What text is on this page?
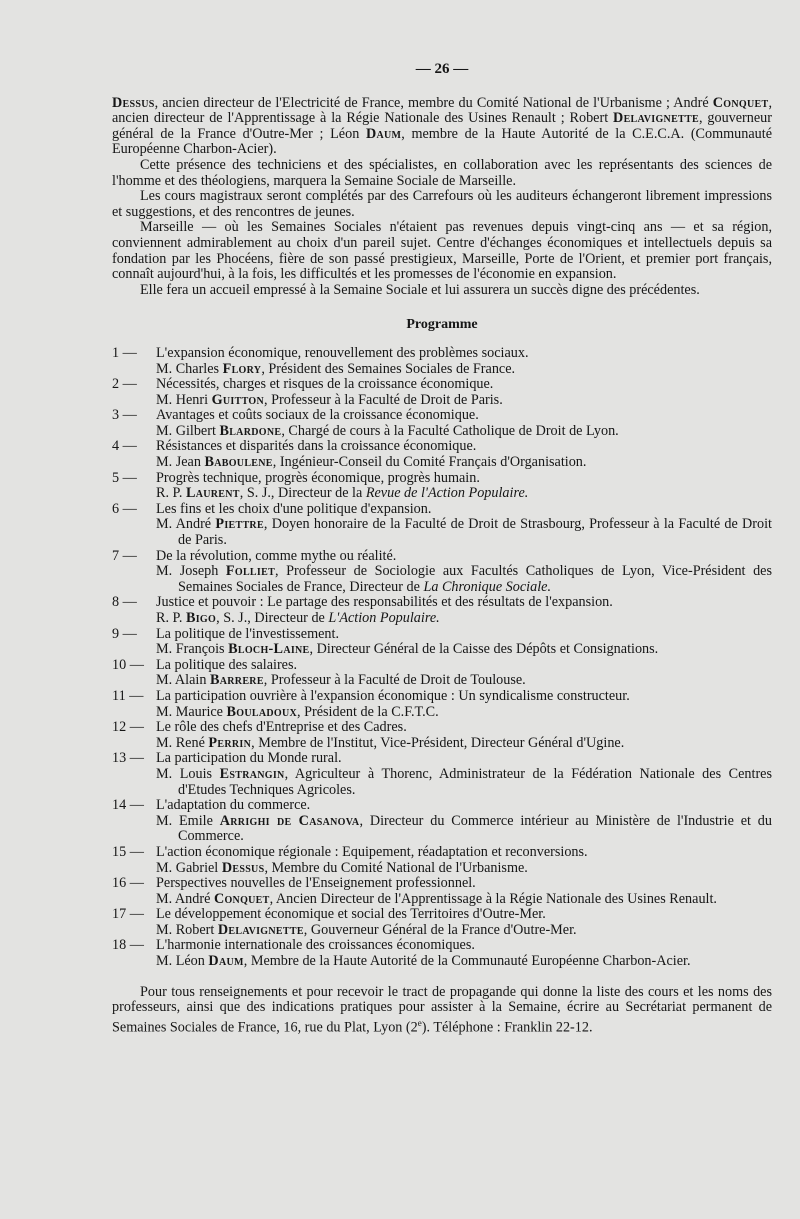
— 26 —

Dessus, ancien directeur de l'Electricité de France, membre du Comité National de l'Urbanisme ; André Conquet, ancien directeur de l'Apprentissage à la Régie Nationale des Usines Renault ; Robert Delavignette, gouverneur général de la France d'Outre-Mer ; Léon Daum, membre de la Haute Autorité de la C.E.C.A. (Communauté Européenne Charbon-Acier).

Cette présence des techniciens et des spécialistes, en collaboration avec les représentants des sciences de l'homme et des théologiens, marquera la Semaine Sociale de Marseille.

Les cours magistraux seront complétés par des Carrefours où les auditeurs échangeront librement impressions et suggestions, et des rencontres de jeunes.

Marseille — où les Semaines Sociales n'étaient pas revenues depuis vingt-cinq ans — et sa région, conviennent admirablement au choix d'un pareil sujet. Centre d'échanges économiques et intellectuels depuis sa fondation par les Phocéens, fière de son passé prestigieux, Marseille, Porte de l'Orient, et premier port français, connaît aujourd'hui, à la fois, les difficultés et les promesses de l'économie en expansion.

Elle fera un accueil empressé à la Semaine Sociale et lui assurera un succès digne des précédentes.

Programme
1 —	L'expansion économique, renouvellement des problèmes sociaux.
M. Charles Flory, Président des Semaines Sociales de France.
2 —	Nécessités, charges et risques de la croissance économique.
M. Henri Guitton, Professeur à la Faculté de Droit de Paris.
3 —	Avantages et coûts sociaux de la croissance économique.
M. Gilbert Blardone, Chargé de cours à la Faculté Catholique de Droit de Lyon.
4 —	Résistances et disparités dans la croissance économique.
M. Jean Baboulene, Ingénieur-Conseil du Comité Français d'Organisation.
5 —	Progrès technique, progrès économique, progrès humain.
R. P. Laurent, S. J., Directeur de la Revue de l'Action Populaire.
6 —	Les fins et les choix d'une politique d'expansion.
M. André Piettre, Doyen honoraire de la Faculté de Droit de Strasbourg, Professeur à la Faculté de Droit de Paris.
7 —	De la révolution, comme mythe ou réalité.
M. Joseph Folliet, Professeur de Sociologie aux Facultés Catholiques de Lyon, Vice-Président des Semaines Sociales de France, Directeur de La Chronique Sociale.
8 —	Justice et pouvoir : Le partage des responsabilités et des résultats de l'expansion.
R. P. Bigo, S. J., Directeur de L'Action Populaire.
9 —	La politique de l'investissement.
M. François Bloch-Laine, Directeur Général de la Caisse des Dépôts et Consignations.
10 — La politique des salaires.
M. Alain Barrere, Professeur à la Faculté de Droit de Toulouse.
11 — La participation ouvrière à l'expansion économique : Un syndicalisme constructeur.
M. Maurice Bouladoux, Président de la C.F.T.C.
12 — Le rôle des chefs d'Entreprise et des Cadres.
M. René Perrin, Membre de l'Institut, Vice-Président, Directeur Général d'Ugine.
13 — La participation du Monde rural.
M. Louis Estrangin, Agriculteur à Thorenc, Administrateur de la Fédération Nationale des Centres d'Etudes Techniques Agricoles.
14 — L'adaptation du commerce.
M. Emile Arrighi de Casanova, Directeur du Commerce intérieur au Ministère de l'Industrie et du Commerce.
15 — L'action économique régionale : Equipement, réadaptation et reconversions.
M. Gabriel Dessus, Membre du Comité National de l'Urbanisme.
16 — Perspectives nouvelles de l'Enseignement professionnel.
M. André Conquet, Ancien Directeur de l'Apprentissage à la Régie Nationale des Usines Renault.
17 — Le développement économique et social des Territoires d'Outre-Mer.
M. Robert Delavignette, Gouverneur Général de la France d'Outre-Mer.
18 — L'harmonie internationale des croissances économiques.
M. Léon Daum, Membre de la Haute Autorité de la Communauté Européenne Charbon-Acier.

Pour tous renseignements et pour recevoir le tract de propagande qui donne la liste des cours et les noms des professeurs, ainsi que des indications pratiques pour assister à la Semaine, écrire au Secrétariat permanent de Semaines Sociales de France, 16, rue du Plat, Lyon (2e). Téléphone : Franklin 22-12.
